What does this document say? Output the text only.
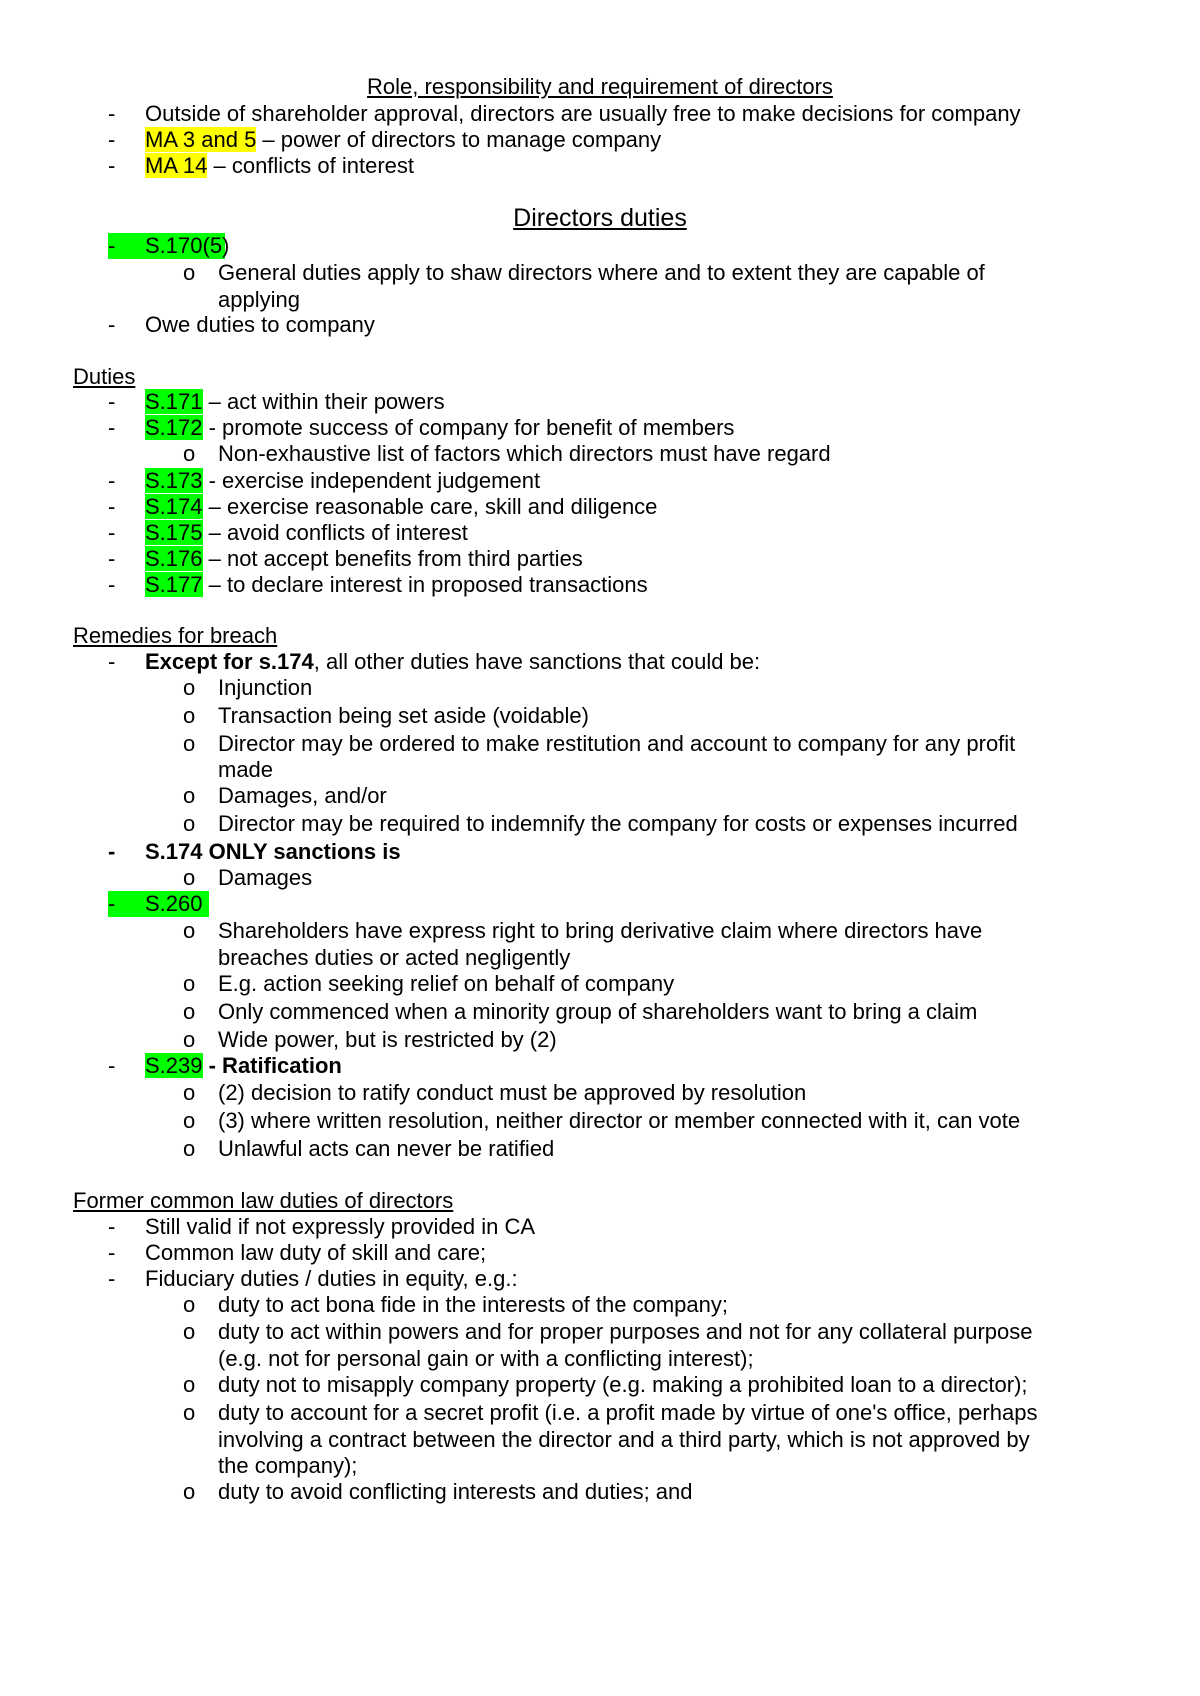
Role, responsibility and requirement of directors
- Outside of shareholder approval, directors are usually free to make decisions for company
- MA 3 and 5 – power of directors to manage company
- MA 14 – conflicts of interest
Directors duties
- S.170(5)
o General duties apply to shaw directors where and to extent they are capable of
applying
- Owe duties to company
Duties
- S.171 – act within their powers
- S.172 - promote success of company for benefit of members
o Non-exhaustive list of factors which directors must have regard
- S.173 - exercise independent judgement
- S.174 – exercise reasonable care, skill and diligence
- S.175 – avoid conflicts of interest
- S.176 – not accept benefits from third parties
- S.177 – to declare interest in proposed transactions
Remedies for breach
- Except for s.174, all other duties have sanctions that could be:
o Injunction
o Transaction being set aside (voidable)
o Director may be ordered to make restitution and account to company for any profit
made
o Damages, and/or
o Director may be required to indemnify the company for costs or expenses incurred
- S.174 ONLY sanctions is
o Damages
- S.260
o Shareholders have express right to bring derivative claim where directors have
breaches duties or acted negligently
o E.g. action seeking relief on behalf of company
o Only commenced when a minority group of shareholders want to bring a claim
o Wide power, but is restricted by (2)
- S.239 - Ratification
o (2) decision to ratify conduct must be approved by resolution
o (3) where written resolution, neither director or member connected with it, can vote
o Unlawful acts can never be ratified
Former common law duties of directors
- Still valid if not expressly provided in CA
- Common law duty of skill and care;
- Fiduciary duties / duties in equity, e.g.:
o duty to act bona fide in the interests of the company;
o duty to act within powers and for proper purposes and not for any collateral purpose
(e.g. not for personal gain or with a conflicting interest);
o duty not to misapply company property (e.g. making a prohibited loan to a director);
o duty to account for a secret profit (i.e. a profit made by virtue of one's office, perhaps
involving a contract between the director and a third party, which is not approved by
the company);
o duty to avoid conflicting interests and duties; and
